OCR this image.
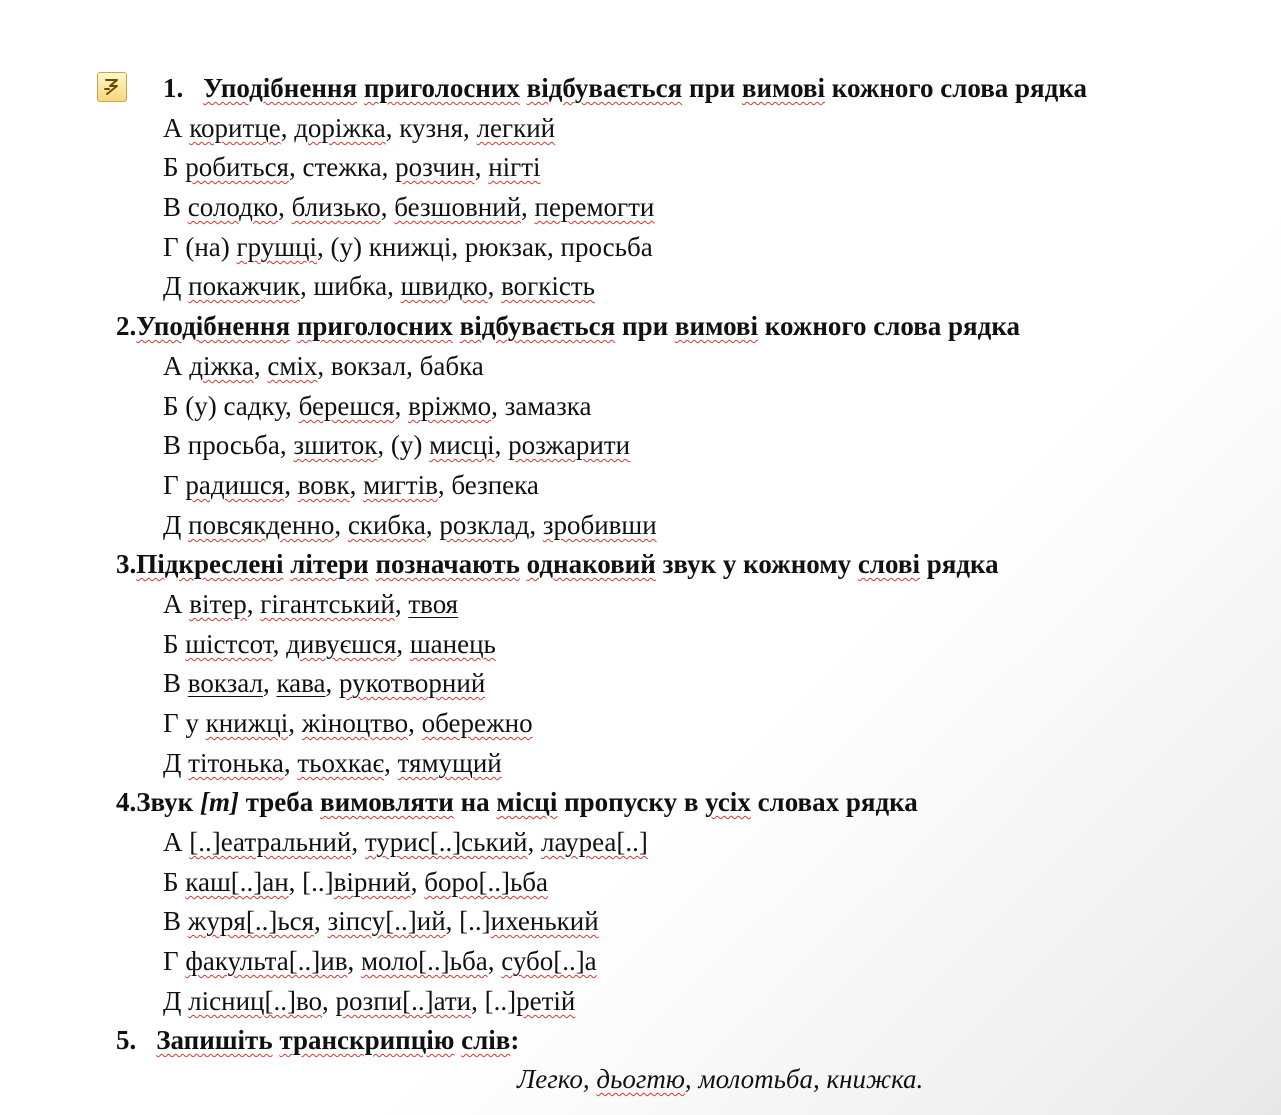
1. Уподібнення приголосних відбувається при вимові кожного слова рядка
А коритце, доріжка, кузня, легкий
Б робиться, стежка, розчин, нігті
В солодко, близько, безшовний, перемогти
Г (на) грушці, (у) книжці, рюкзак, просьба
Д покажчик, шибка, швидко, вогкість
2.Уподібнення приголосних відбувається при вимові кожного слова рядка
А діжка, сміх, вокзал, бабка
Б (у) садку, берешся, вріжмо, замазка
В просьба, зшиток, (у) мисці, розжарити
Г радишся, вовк, мигтів, безпека
Д повсякденно, скибка, розклад, зробивши
3.Підкреслені літери позначають однаковий звук у кожному слові рядка
А вітер, гігантський, твоя
Б шістсот, дивуєшся, шанець
В вокзал, кава, рукотворний
Г у книжці, жіноцтво, обережно
Д тітонька, тьохкає, тямущий
4.Звук [т] треба вимовляти на місці пропуску в усіх словах рядка
А [..]еатральний, турис[..]ський, лауреа[..]
Б каш[..]ан, [..]вірний, боро[..]ьба
В журя[..]ься, зіпсу[..]ий, [..]ихенький
Г факульта[..]ив, моло[..]ьба, субо[..]а
Д лісниц[..]во, розпи[..]ати, [..]ретій
5. Запишіть транскрипцію слів:
Легко, дьогтю, молотьба, книжка.
